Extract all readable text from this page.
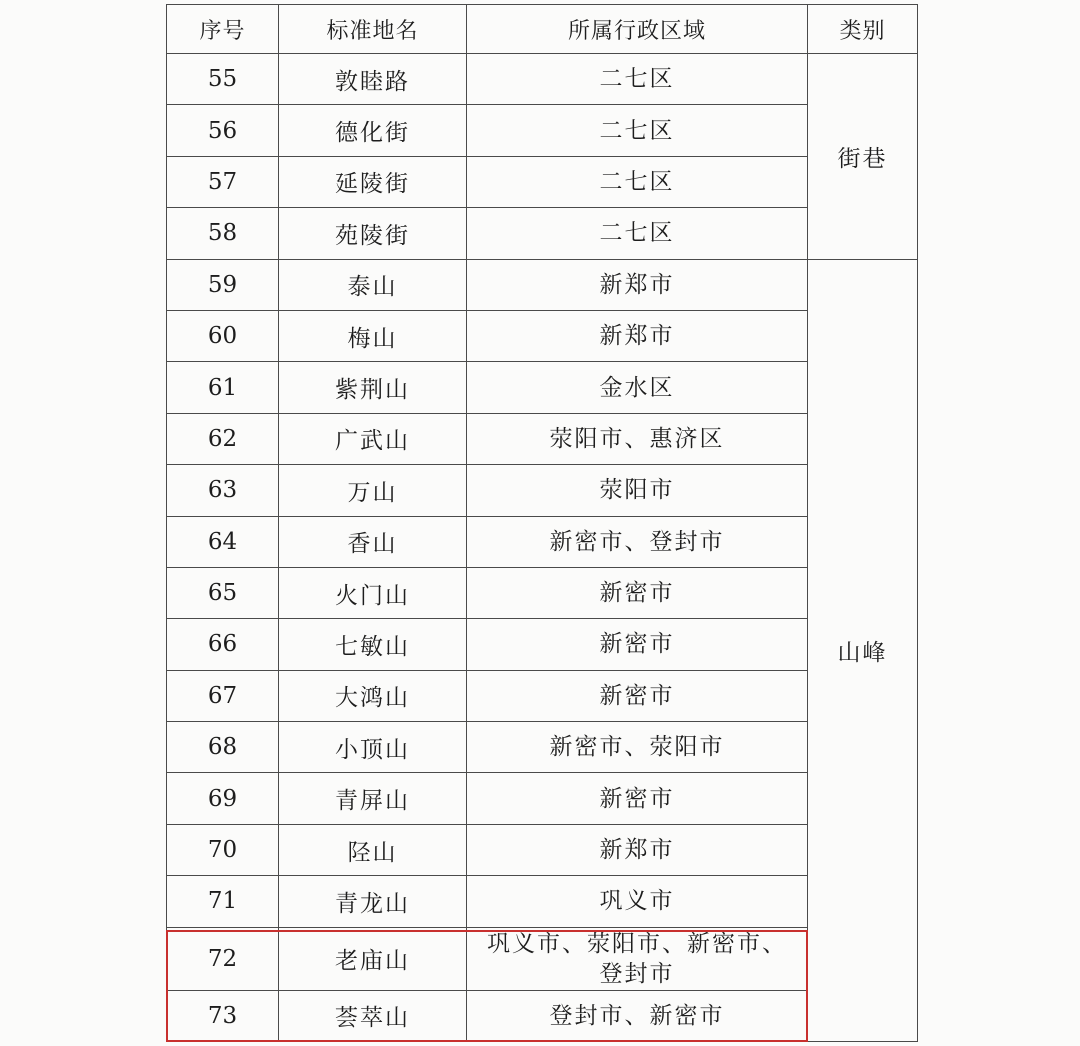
序号	标准地名	所属行政区域	类别
55	敦睦路	二七区	街巷
56	德化街	二七区	
57	延陵街	二七区	
58	苑陵街	二七区	
59	泰山	新郑市	山峰
60	梅山	新郑市	
61	紫荆山	金水区	
62	广武山	荥阳市、惠济区	
63	万山	荥阳市	
64	香山	新密市、登封市	
65	火门山	新密市	
66	七敏山	新密市	
67	大鸿山	新密市	
68	小顶山	新密市、荥阳市	
69	青屏山	新密市	
70	陉山	新郑市	
71	青龙山	巩义市	
72	老庙山	巩义市、荥阳市、新密市、
登封市	

73	荟萃山	登封市、新密市	
